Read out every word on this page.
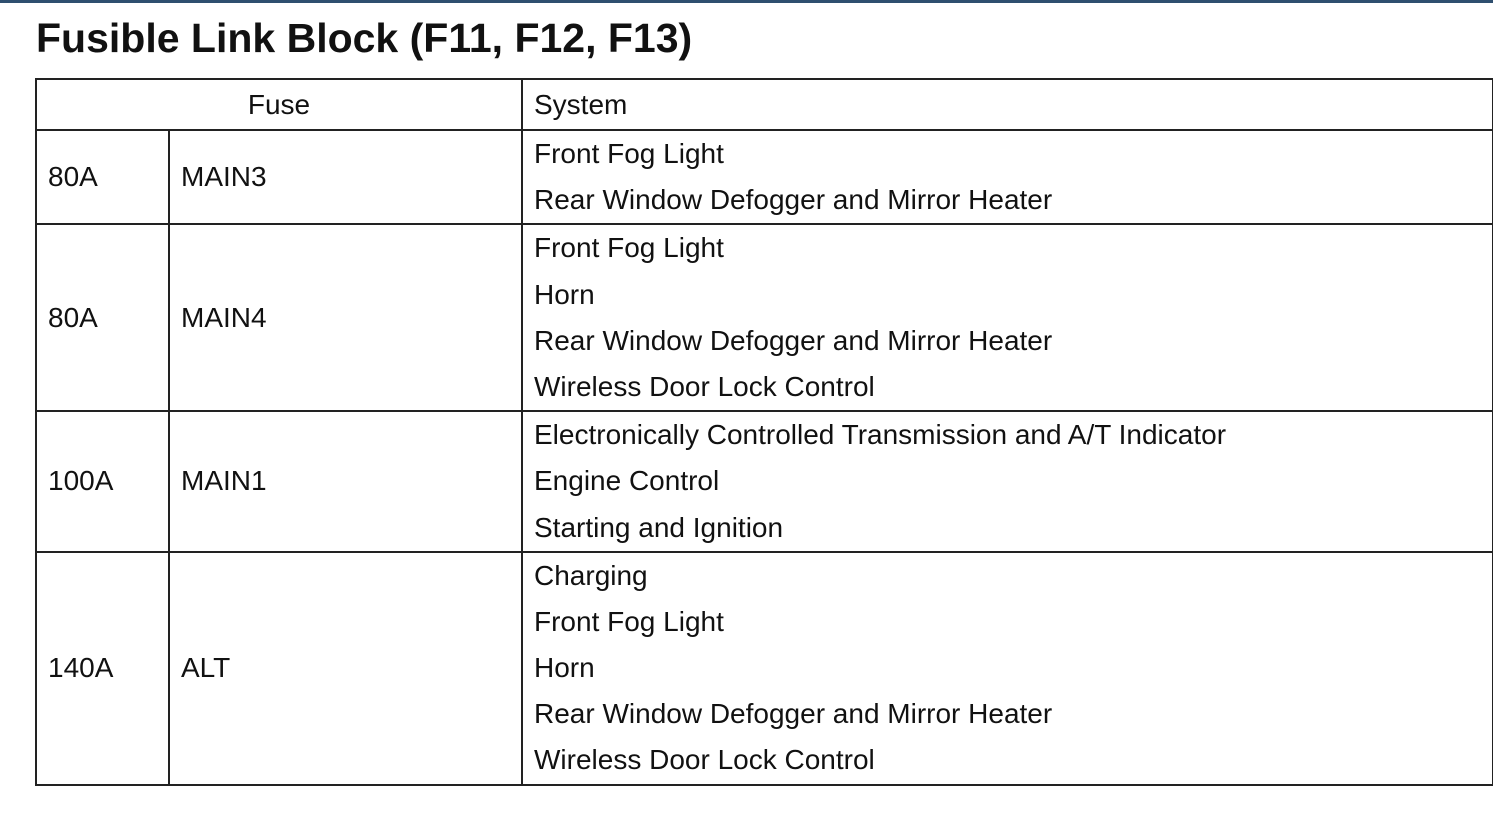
Fusible Link Block (F11, F12, F13)
Fuse		System

80A	MAIN3	Front Fog Light
Rear Window Defogger and Mirror Heater

80A	MAIN4	Front Fog Light
Horn
Rear Window Defogger and Mirror Heater
Wireless Door Lock Control

100A	MAIN1	Electronically Controlled Transmission and A/T Indicator
Engine Control
Starting and Ignition

140A	ALT	Charging
Front Fog Light
Horn
Rear Window Defogger and Mirror Heater
Wireless Door Lock Control
